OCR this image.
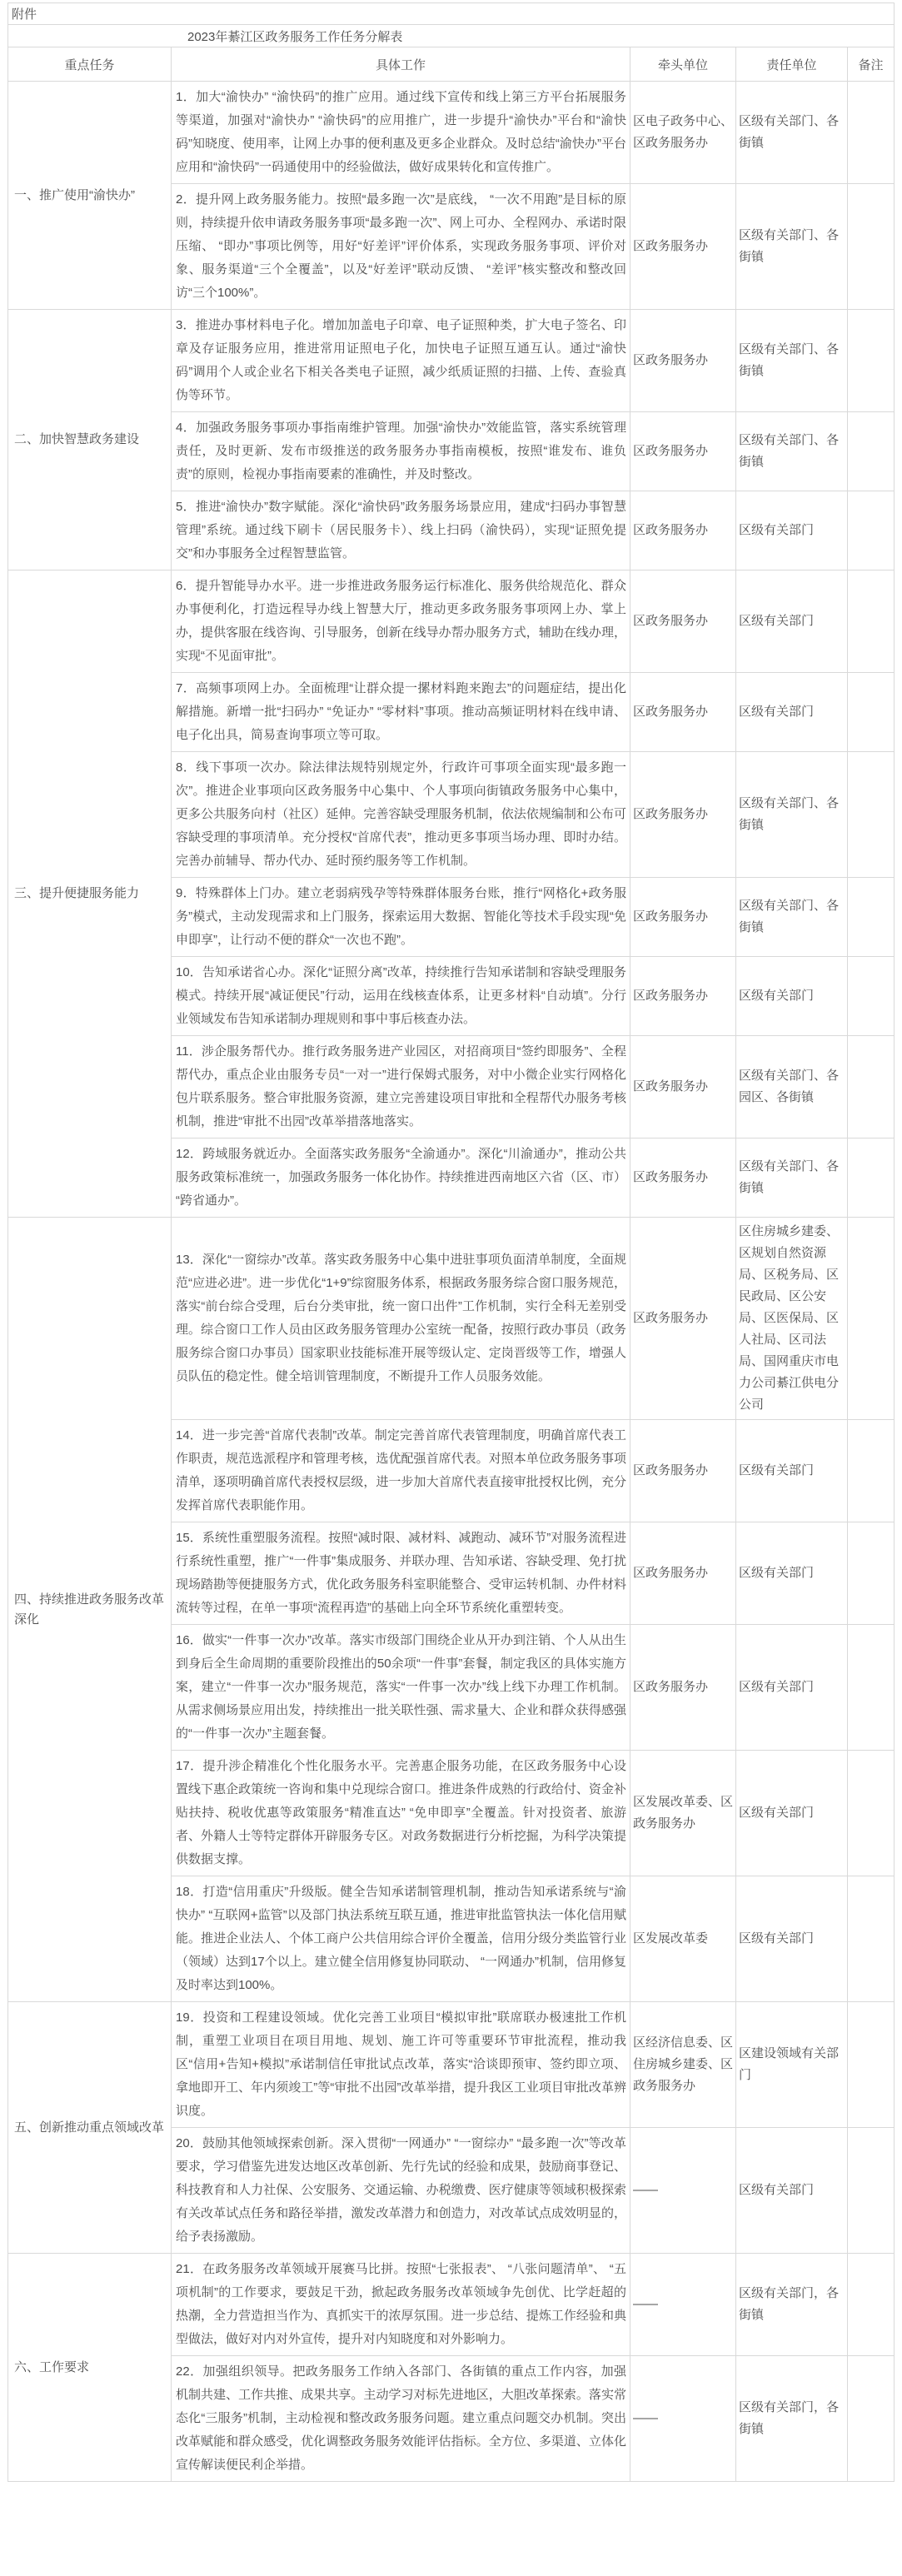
附件				
2023年綦江区政务服务工作任务分解表				
重点任务	具体工作	牵头单位	责任单位	备注
一、推广使用“渝快办”	1．加大“渝快办” “渝快码”的推广应用。通过线下宣传和线上第三方平台拓展服务等渠道，加强对“渝快办” “渝快码”的应用推广，进一步提升“渝快办”平台和“渝快码”知晓度、使用率，让网上办事的便利惠及更多企业群众。及时总结“渝快办”平台应用和“渝快码”一码通使用中的经验做法，做好成果转化和宣传推广。	区电子政务中心、区政务服务办	区级有关部门、各街镇	
	2．提升网上政务服务能力。按照“最多跑一次”是底线， “一次不用跑”是目标的原则，持续提升依申请政务服务事项“最多跑一次”、网上可办、全程网办、承诺时限压缩、 “即办”事项比例等，用好“好差评”评价体系，实现政务服务事项、评价对象、服务渠道“三个全覆盖”，以及“好差评”联动反馈、 “差评”核实整改和整改回访“三个100%”。	区政务服务办	区级有关部门、各街镇	
二、加快智慧政务建设	3．推进办事材料电子化。增加加盖电子印章、电子证照种类，扩大电子签名、印章及存证服务应用，推进常用证照电子化，加快电子证照互通互认。通过“渝快码”调用个人或企业名下相关各类电子证照，减少纸质证照的扫描、上传、查验真伪等环节。	区政务服务办	区级有关部门、各街镇	
	4．加强政务服务事项办事指南维护管理。加强“渝快办”效能监管，落实系统管理责任，及时更新、发布市级推送的政务服务办事指南模板，按照“谁发布、谁负责”的原则，检视办事指南要素的准确性，并及时整改。	区政务服务办	区级有关部门、各街镇	
	5．推进“渝快办”数字赋能。深化“渝快码”政务服务场景应用，建成“扫码办事智慧管理”系统。通过线下刷卡（居民服务卡）、线上扫码（渝快码），实现“证照免提交”和办事服务全过程智慧监管。	区政务服务办	区级有关部门	
三、提升便捷服务能力	6．提升智能导办水平。进一步推进政务服务运行标准化、服务供给规范化、群众办事便利化，打造远程导办线上智慧大厅，推动更多政务服务事项网上办、掌上办，提供客服在线咨询、引导服务，创新在线导办帮办服务方式，辅助在线办理，实现“不见面审批”。	区政务服务办	区级有关部门	
	7．高频事项网上办。全面梳理“让群众提一摞材料跑来跑去”的问题症结，提出化解措施。新增一批“扫码办” “免证办” “零材料”事项。推动高频证明材料在线申请、电子化出具，简易查询事项立等可取。	区政务服务办	区级有关部门	
	8．线下事项一次办。除法律法规特别规定外，行政许可事项全面实现“最多跑一次”。推进企业事项向区政务服务中心集中、个人事项向街镇政务服务中心集中，更多公共服务向村（社区）延伸。完善容缺受理服务机制，依法依规编制和公布可容缺受理的事项清单。充分授权“首席代表”，推动更多事项当场办理、即时办结。完善办前辅导、帮办代办、延时预约服务等工作机制。	区政务服务办	区级有关部门、各街镇	
	9．特殊群体上门办。建立老弱病残孕等特殊群体服务台账，推行“网格化+政务服务”模式，主动发现需求和上门服务，探索运用大数据、智能化等技术手段实现“免申即享”，让行动不便的群众“一次也不跑”。	区政务服务办	区级有关部门、各街镇	
	10．告知承诺省心办。深化“证照分离”改革，持续推行告知承诺制和容缺受理服务模式。持续开展“减证便民”行动，运用在线核查体系，让更多材料“自动填”。分行业领域发布告知承诺制办理规则和事中事后核查办法。	区政务服务办	区级有关部门	
	11．涉企服务帮代办。推行政务服务进产业园区，对招商项目“签约即服务”、全程帮代办，重点企业由服务专员“一对一”进行保姆式服务，对中小微企业实行网格化包片联系服务。整合审批服务资源，建立完善建设项目审批和全程帮代办服务考核机制，推进“审批不出园”改革举措落地落实。	区政务服务办	区级有关部门、各园区、各街镇	
	12．跨域服务就近办。全面落实政务服务“全渝通办”。深化“川渝通办”，推动公共服务政策标准统一，加强政务服务一体化协作。持续推进西南地区六省（区、市） “跨省通办”。	区政务服务办	区级有关部门、各街镇	
四、持续推进政务服务改革深化	13．深化“一窗综办”改革。落实政务服务中心集中进驻事项负面清单制度，全面规范“应进必进”。进一步优化“1+9”综窗服务体系，根据政务服务综合窗口服务规范，落实“前台综合受理，后台分类审批，统一窗口出件”工作机制，实行全科无差别受理。综合窗口工作人员由区政务服务管理办公室统一配备，按照行政办事员（政务服务综合窗口办事员）国家职业技能标准开展等级认定、定岗晋级等工作，增强人员队伍的稳定性。健全培训管理制度，不断提升工作人员服务效能。	区政务服务办	区住房城乡建委、区规划自然资源局、区税务局、区民政局、区公安局、区医保局、区人社局、区司法局、国网重庆市电力公司綦江供电分公司	
	14．进一步完善“首席代表制”改革。制定完善首席代表管理制度，明确首席代表工作职责，规范选派程序和管理考核，选优配强首席代表。对照本单位政务服务事项清单，逐项明确首席代表授权层级，进一步加大首席代表直接审批授权比例，充分发挥首席代表职能作用。	区政务服务办	区级有关部门	
	15．系统性重塑服务流程。按照“减时限、减材料、减跑动、减环节”对服务流程进行系统性重塑，推广“一件事”集成服务、并联办理、告知承诺、容缺受理、免打扰现场踏勘等便捷服务方式，优化政务服务科室职能整合、受审运转机制、办件材料流转等过程，在单一事项“流程再造”的基础上向全环节系统化重塑转变。	区政务服务办	区级有关部门	
	16．做实“一件事一次办”改革。落实市级部门围绕企业从开办到注销、个人从出生到身后全生命周期的重要阶段推出的50余项“一件事”套餐，制定我区的具体实施方案，建立“一件事一次办”服务规范，落实“一件事一次办”线上线下办理工作机制。从需求侧场景应用出发，持续推出一批关联性强、需求量大、企业和群众获得感强的“一件事一次办”主题套餐。	区政务服务办	区级有关部门	
	17．提升涉企精准化个性化服务水平。完善惠企服务功能，在区政务服务中心设置线下惠企政策统一咨询和集中兑现综合窗口。推进条件成熟的行政给付、资金补贴扶持、税收优惠等政策服务“精准直达” “免申即享”全覆盖。针对投资者、旅游者、外籍人士等特定群体开辟服务专区。对政务数据进行分析挖掘，为科学决策提供数据支撑。	区发展改革委、区政务服务办	区级有关部门	
	18．打造“信用重庆”升级版。健全告知承诺制管理机制，推动告知承诺系统与“渝快办” “互联网+监管”以及部门执法系统互联互通，推进审批监管执法一体化信用赋能。推进企业法人、个体工商户公共信用综合评价全覆盖，信用分级分类监管行业（领域）达到17个以上。建立健全信用修复协同联动、 “一网通办”机制，信用修复及时率达到100%。	区发展改革委	区级有关部门	
五、创新推动重点领域改革	19．投资和工程建设领域。优化完善工业项目“模拟审批”联席联办极速批工作机制，重塑工业项目在项目用地、规划、施工许可等重要环节审批流程，推动我区“信用+告知+模拟”承诺制信任审批试点改革，落实“洽谈即预审、签约即立项、拿地即开工、年内须竣工”等“审批不出园”改革举措，提升我区工业项目审批改革辨识度。	区经济信息委、区住房城乡建委、区政务服务办	区建设领域有关部门	
	20．鼓励其他领域探索创新。深入贯彻“一网通办” “一窗综办” “最多跑一次”等改革要求，学习借鉴先进发达地区改革创新、先行先试的经验和成果，鼓励商事登记、科技教育和人力社保、公安服务、交通运输、办税缴费、医疗健康等领域积极探索有关改革试点任务和路径举措，激发改革潜力和创造力，对改革试点成效明显的，给予表扬激励。	——	区级有关部门	
六、工作要求	21．在政务服务改革领域开展赛马比拼。按照“七张报表”、 “八张问题清单”、 “五项机制”的工作要求，要鼓足干劲，掀起政务服务改革领域争先创优、比学赶超的热潮，全力营造担当作为、真抓实干的浓厚氛围。进一步总结、提炼工作经验和典型做法，做好对内对外宣传，提升对内知晓度和对外影响力。	——	区级有关部门，各街镇	
	22．加强组织领导。把政务服务工作纳入各部门、各街镇的重点工作内容，加强机制共建、工作共推、成果共享。主动学习对标先进地区，大胆改革探索。落实常态化“三服务”机制，主动检视和整改政务服务问题。建立重点问题交办机制。突出改革赋能和群众感受，优化调整政务服务效能评估指标。全方位、多渠道、立体化宣传解读便民利企举措。	——	区级有关部门，各街镇	
